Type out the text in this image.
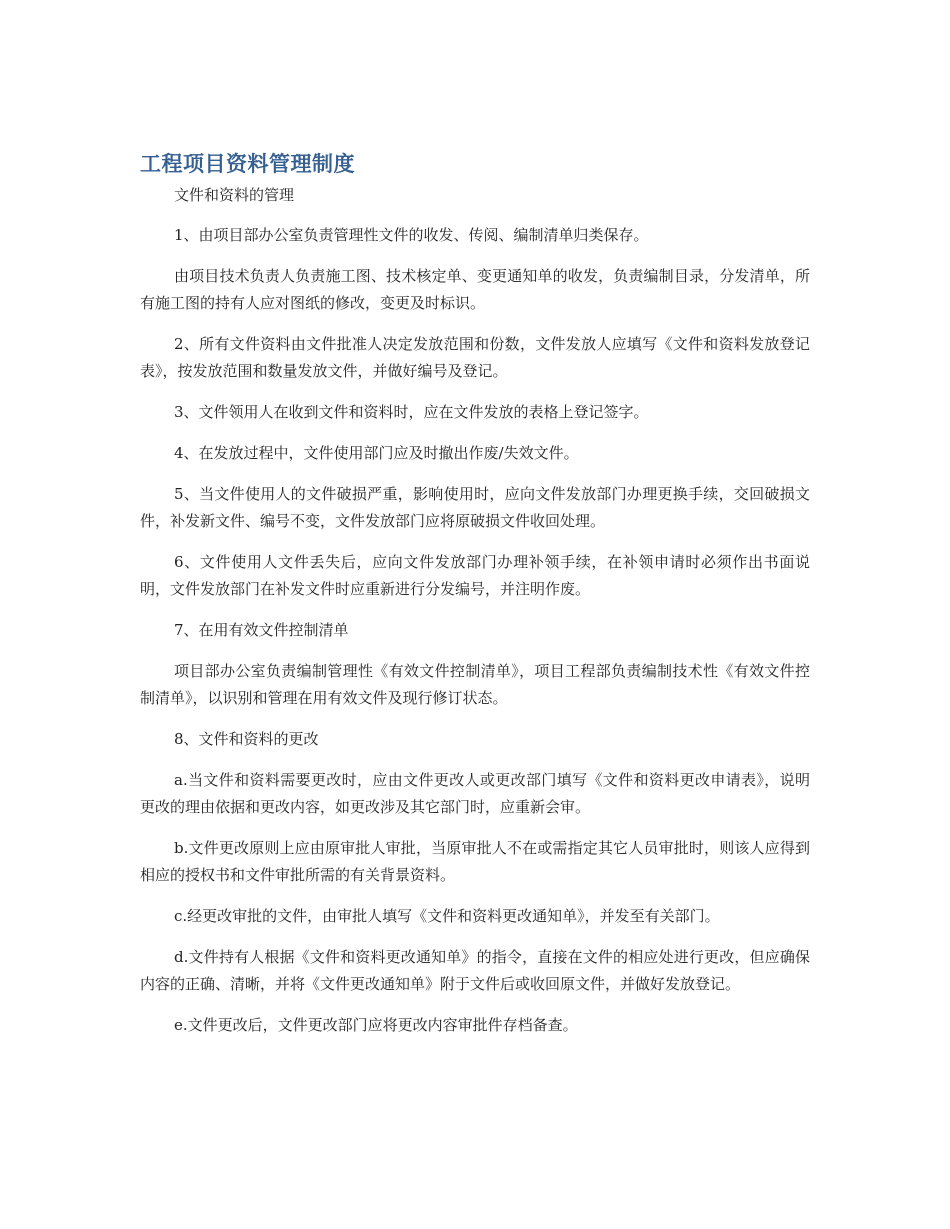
工程项目资料管理制度

文件和资料的管理

1、由项目部办公室负责管理性文件的收发、传阅、编制清单归类保存。

由项目技术负责人负责施工图、技术核定单、变更通知单的收发，负责编制目录，分发清单，所有施工图的持有人应对图纸的修改，变更及时标识。

2、所有文件资料由文件批准人决定发放范围和份数，文件发放人应填写《文件和资料发放登记表》，按发放范围和数量发放文件，并做好编号及登记。

3、文件领用人在收到文件和资料时，应在文件发放的表格上登记签字。

4、在发放过程中，文件使用部门应及时撤出作废/失效文件。

5、当文件使用人的文件破损严重，影响使用时，应向文件发放部门办理更换手续，交回破损文件，补发新文件、编号不变，文件发放部门应将原破损文件收回处理。

6、文件使用人文件丢失后，应向文件发放部门办理补领手续，在补领申请时必须作出书面说明，文件发放部门在补发文件时应重新进行分发编号，并注明作废。

7、在用有效文件控制清单

项目部办公室负责编制管理性《有效文件控制清单》，项目工程部负责编制技术性《有效文件控制清单》，以识别和管理在用有效文件及现行修订状态。

8、文件和资料的更改

a.当文件和资料需要更改时，应由文件更改人或更改部门填写《文件和资料更改申请表》，说明更改的理由依据和更改内容，如更改涉及其它部门时，应重新会审。

b.文件更改原则上应由原审批人审批，当原审批人不在或需指定其它人员审批时，则该人应得到相应的授权书和文件审批所需的有关背景资料。

c.经更改审批的文件，由审批人填写《文件和资料更改通知单》，并发至有关部门。

d.文件持有人根据《文件和资料更改通知单》的指令，直接在文件的相应处进行更改，但应确保内容的正确、清晰，并将《文件更改通知单》附于文件后或收回原文件，并做好发放登记。

e.文件更改后，文件更改部门应将更改内容审批件存档备查。
